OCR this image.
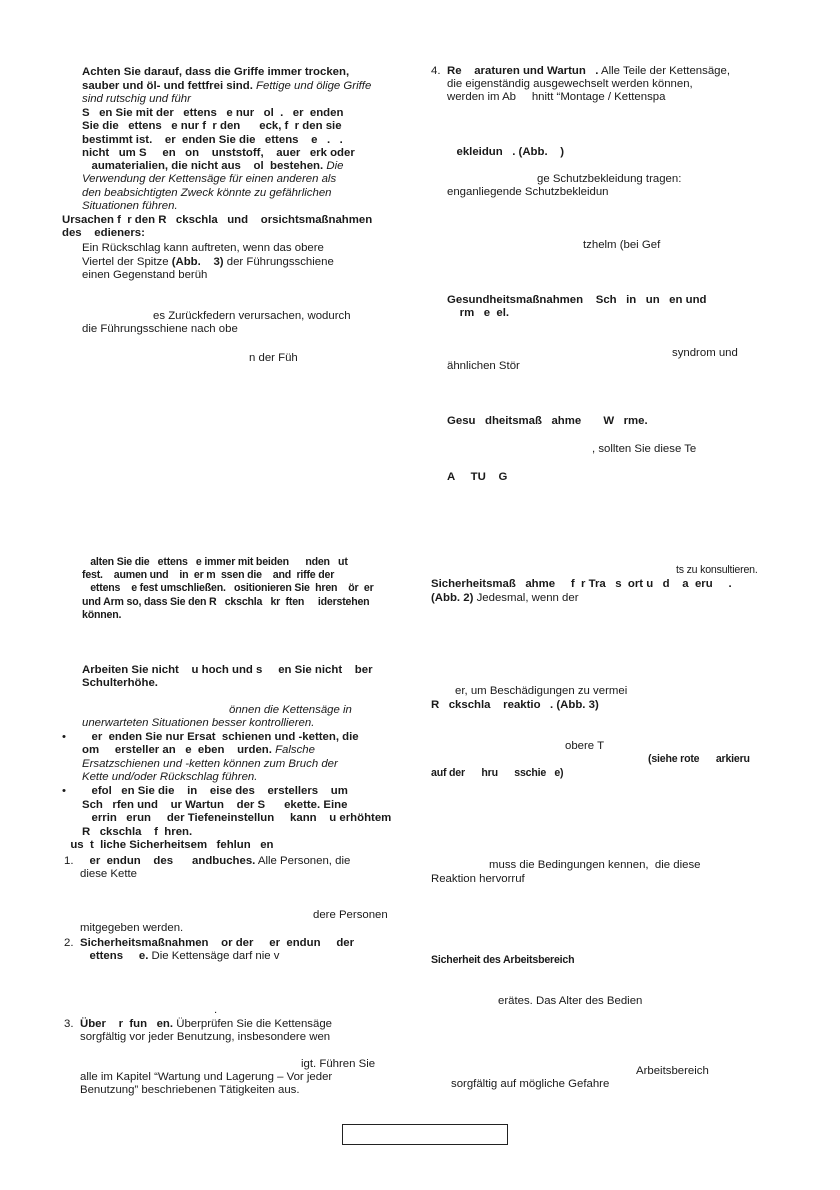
Achten Sie darauf, dass die Griffe immer trocken,

sauber und öl- und fettfrei sind. Fettige und ölige Griffe

sind rutschig und führ

S   en Sie mit der   ettens   e nur   ol  .   er  enden

Sie die   ettens   e nur f  r den      eck, f  r den sie

bestimmt ist.    er  enden Sie die   ettens    e   .   .

nicht   um S     en   on    unststoff,    auer   erk oder

aumaterialien, die nicht aus    ol  bestehen. Die

Verwendung der Kettensäge für einen anderen als

den beabsichtigten Zweck könnte zu gefährlichen

Situationen führen.

Ursachen f  r den R   ckschla   und    orsichtsmaßnahmen

des    edieners:

Ein Rückschlag kann auftreten, wenn das obere

Viertel der Spitze (Abb.    3) der Führungsschiene

einen Gegenstand berüh

es Zurückfedern verursachen, wodurch

die Führungsschiene nach obe

n der Füh

alten Sie die   ettens   e immer mit beiden      nden   ut

fest.    aumen und    in  er m  ssen die    and  riffe der

ettens    e fest umschließen.   ositionieren Sie  hren    ör  er

und Arm so, dass Sie den R   ckschla   kr  ften     iderstehen

können.

Arbeiten Sie nicht    u hoch und s     en Sie nicht    ber

Schulterhöhe.

önnen die Kettensäge in

unerwarteten Situationen besser kontrollieren.

• er  enden Sie nur Ersat  schienen und -ketten, die

om     ersteller an   e  eben    urden. Falsche

Ersatzschienen und -ketten können zum Bruch der

Kette und/oder Rückschlag führen.

• efol   en Sie die    in    eise des    erstellers    um

Sch   rfen und    ur Wartun    der S      ekette. Eine

errin   erun     der Tiefeneinstellun     kann    u erhöhtem

R   ckschla    f  hren.

us  t  liche Sicherheitsem   fehlun   en

1. er  endun    des      andbuches. Alle Personen, die

diese Kette

dere Personen

mitgegeben werden.

2. Sicherheitsmaßnahmen    or der     er  endun     der

ettens     e. Die Kettensäge darf nie v

.

3. Über    r  fun   en. Überprüfen Sie die Kettensäge

sorgfältig vor jeder Benutzung, insbesondere wen

igt. Führen Sie

alle im Kapitel “Wartung und Lagerung – Vor jeder

Benutzung” beschriebenen Tätigkeiten aus.

4. Re    araturen und Wartun   . Alle Teile der Kettensäge,

die eigenständig ausgewechselt werden können,

werden im Ab     hnitt “Montage / Kettenspa

ekleidun   . (Abb.    )

ge Schutzbekleidung tragen:

enganliegende Schutzbekleidun

tzhelm (bei Gef

Gesundheitsmaßnahmen    Sch   in   un   en und

rm   e  el.

syndrom und

ähnlichen Stör

Gesu   dheitsmaß   ahme       W   rme.

, sollten Sie diese Te

A     TU    G

ts zu konsultieren.

Sicherheitsmaß   ahme     f  r Tra   s  ort u   d    a  eru     .

(Abb. 2) Jedesmal, wenn der

er, um Beschädigungen zu vermei

R   ckschla    reaktio   . (Abb. 3)

obere T

(siehe rote      arkieru

auf der      hru      sschie   e)

muss die Bedingungen kennen,  die diese

Reaktion hervorruf

Sicherheit des Arbeitsbereich

erätes. Das Alter des Bedien

Arbeitsbereich

sorgfältig auf mögliche Gefahre
